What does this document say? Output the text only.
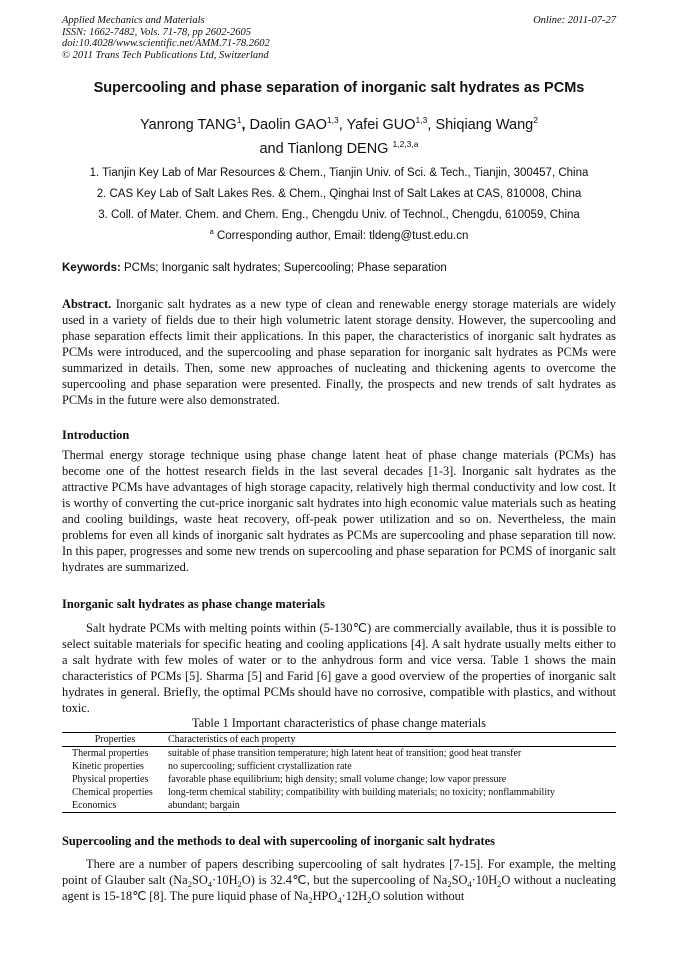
Applied Mechanics and Materials
ISSN: 1662-7482, Vols. 71-78, pp 2602-2605
doi:10.4028/www.scientific.net/AMM.71-78.2602
© 2011 Trans Tech Publications Ltd, Switzerland
Online: 2011-07-27
Supercooling and phase separation of inorganic salt hydrates as PCMs
Yanrong TANG$^1$, Daolin GAO$^{1,3}$, Yafei GUO$^{1,3}$, Shiqiang Wang$^2$
and Tianlong DENG $^{1,2,3,a}$
1. Tianjin Key Lab of Mar Resources & Chem., Tianjin Univ. of Sci. & Tech., Tianjin, 300457, China
2. CAS Key Lab of Salt Lakes Res. & Chem., Qinghai Inst of Salt Lakes at CAS, 810008, China
3. Coll. of Mater. Chem. and Chem. Eng., Chengdu Univ. of Technol., Chengdu, 610059, China
$^a$ Corresponding author, Email: tldeng@tust.edu.cn
Keywords: PCMs; Inorganic salt hydrates; Supercooling; Phase separation
Abstract. Inorganic salt hydrates as a new type of clean and renewable energy storage materials are widely used in a variety of fields due to their high volumetric latent storage density. However, the supercooling and phase separation effects limit their applications. In this paper, the characteristics of inorganic salt hydrates as PCMs were introduced, and the supercooling and phase separation for inorganic salt hydrates as PCMs were summarized in details. Then, some new approaches of nucleating and thickening agents to overcome the supercooling and phase separation were presented. Finally, the prospects and new trends of salt hydrates as PCMs in the future were also demonstrated.
Introduction
Thermal energy storage technique using phase change latent heat of phase change materials (PCMs) has become one of the hottest research fields in the last several decades [1-3]. Inorganic salt hydrates as the attractive PCMs have advantages of high storage capacity, relatively high thermal conductivity and low cost. It is worthy of converting the cut-price inorganic salt hydrates into high economic value materials such as heating and cooling buildings, waste heat recovery, off-peak power utilization and so on. Nevertheless, the main problems for even all kinds of inorganic salt hydrates as PCMs are supercooling and phase separation till now. In this paper, progresses and some new trends on supercooling and phase separation for PCMS of inorganic salt hydrates are summarized.
Inorganic salt hydrates as phase change materials
Salt hydrate PCMs with melting points within (5-130℃) are commercially available, thus it is possible to select suitable materials for specific heating and cooling applications [4]. A salt hydrate usually melts either to a salt hydrate with few moles of water or to the anhydrous form and vice versa. Table 1 shows the main characteristics of PCMs [5]. Sharma [5] and Farid [6] gave a good overview of the properties of inorganic salt hydrates in general. Briefly, the optimal PCMs should have no corrosive, compatible with plastics, and without toxic.
Table 1 Important characteristics of phase change materials
Properties	Characteristics of each property
Thermal properties	suitable of phase transition temperature; high latent heat of transition; good heat transfer
Kinetic properties	no supercooling; sufficient crystallization rate
Physical properties	favorable phase equilibrium; high density; small volume change; low vapor pressure
Chemical properties	long-term chemical stability; compatibility with building materials; no toxicity; nonflammability
Economics	abundant; bargain
Supercooling and the methods to deal with supercooling of inorganic salt hydrates
There are a number of papers describing supercooling of salt hydrates [7-15]. For example, the melting point of Glauber salt $(Na_2SO_4\cdot 10H_2O)$ is 32.4℃, but the supercooling of $Na_2SO_4\cdot 10H_2O$ without a nucleating agent is 15-18℃ [8]. The pure liquid phase of $Na_2HPO_4\cdot 12H_2O$ solution without
